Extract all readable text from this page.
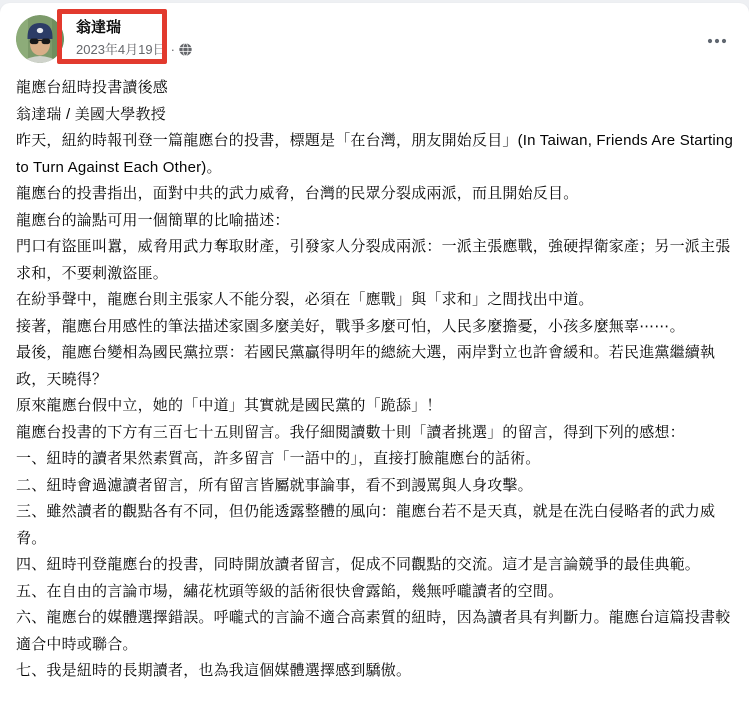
翁達瑞
2023年4月19日 ·

龍應台紐時投書讀後感

翁達瑞 / 美國大學教授

昨天，紐約時報刊登一篇龍應台的投書，標題是「在台灣，朋友開始反目」(In Taiwan, Friends Are Starting to Turn Against Each Other)。

龍應台的投書指出，面對中共的武力威脅，台灣的民眾分裂成兩派，而且開始反目。

龍應台的論點可用一個簡單的比喻描述：

門口有盜匪叫囂，威脅用武力奪取財產，引發家人分裂成兩派：一派主張應戰，強硬捍衛家產；另一派主張求和，不要刺激盜匪。

在紛爭聲中，龍應台則主張家人不能分裂，必須在「應戰」與「求和」之間找出中道。

接著，龍應台用感性的筆法描述家園多麼美好，戰爭多麼可怕，人民多麼擔憂，小孩多麼無辜⋯⋯。

最後，龍應台變相為國民黨拉票：若國民黨贏得明年的總統大選，兩岸對立也許會緩和。若民進黨繼續執政，天曉得？

原來龍應台假中立，她的「中道」其實就是國民黨的「跪舔」！

龍應台投書的下方有三百七十五則留言。我仔細閱讀數十則「讀者挑選」的留言，得到下列的感想：

一、紐時的讀者果然素質高，許多留言「一語中的」，直接打臉龍應台的話術。

二、紐時會過濾讀者留言，所有留言皆屬就事論事，看不到謾罵與人身攻擊。

三、雖然讀者的觀點各有不同，但仍能透露整體的風向：龍應台若不是天真，就是在洗白侵略者的武力威脅。

四、紐時刊登龍應台的投書，同時開放讀者留言，促成不同觀點的交流。這才是言論競爭的最佳典範。

五、在自由的言論市場，繡花枕頭等級的話術很快會露餡，幾無呼嚨讀者的空間。

六、龍應台的媒體選擇錯誤。呼嚨式的言論不適合高素質的紐時，因為讀者具有判斷力。龍應台這篇投書較適合中時或聯合。

七、我是紐時的長期讀者，也為我這個媒體選擇感到驕傲。
